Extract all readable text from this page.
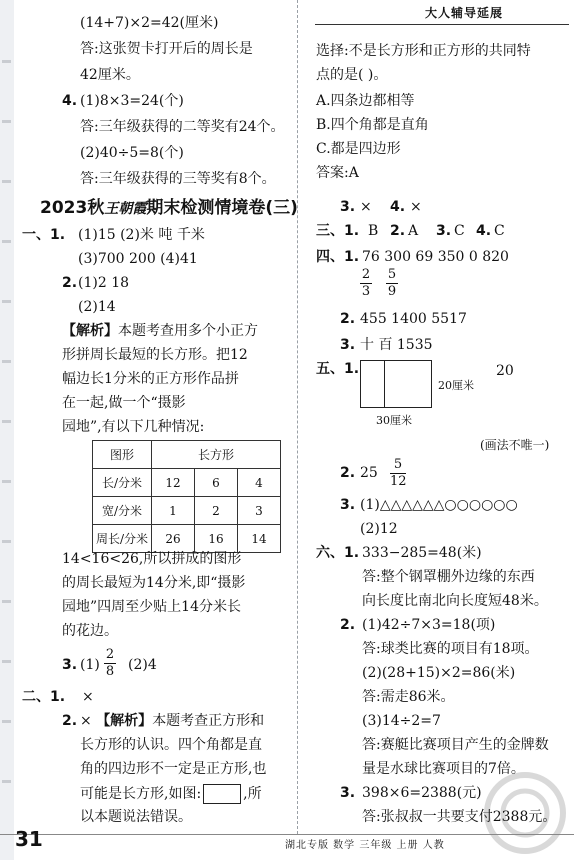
大人辅导延展
(14+7)×2=42(厘米)
答:这张贺卡打开后的周长是
42厘米。
4. (1)8×3=24(个)
答:三年级获得的二等奖有24个。
(2)40÷5=8(个)
答:三年级获得的三等奖有8个。
2023秋王朝霞期末检测情境卷(三)
一、1. (1)15 (2)米 吨 千米
(3)700 200 (4)41
2. (1)2 18
(2)14
【解析】本题考查用多个小正方
形拼周长最短的长方形。把12
幅边长1分米的正方形作品拼
在一起,做一个“摄影
园地”,有以下几种情况:
图形	长方形		
长/分米	12	6	4
宽/分米	1	2	3
周长/分米	26	16	14
14<16<26,所以拼成的图形
的周长最短为14分米,即“摄影
园地”四周至少贴上14分米长
的花边。
3. (1)
2
8 (2)4
二、1. ×
2. × 【解析】本题考查正方形和
长方形的认识。四个角都是直
角的四边形不一定是正方形,也
可能是长方形,如图:	,所
以本题说法错误。
选择:不是长方形和正方形的共同特
点的是( )。
A.四条边都相等
B.四个角都是直角
C.都是四边形
答案:A
3. × 4. ×
三、1. B 2. A 3. C 4. C
四、1. 76 300 69 350 0 820
2
3
5
9
2. 455 1400 5517
3. 十 百 1535
五、1.
20厘米
20
30厘米
(画法不唯一)
2. 25
5
12
3. (1)△△△△△△○○○○○○
(2)12
六、1. 333−285=48(米)
答:整个钢罩棚外边缘的东西
向长度比南北向长度短48米。
2. (1)42÷7×3=18(项)
答:球类比赛的项目有18项。
(2)(28+15)×2=86(米)
答:需走86米。
(3)14÷2=7
答:赛艇比赛项目产生的金牌数
量是水球比赛项目的7倍。
3. 398×6=2388(元)
答:张叔叔一共要支付2388元。
31	湖北专版 数学 三年级 上册 人教
